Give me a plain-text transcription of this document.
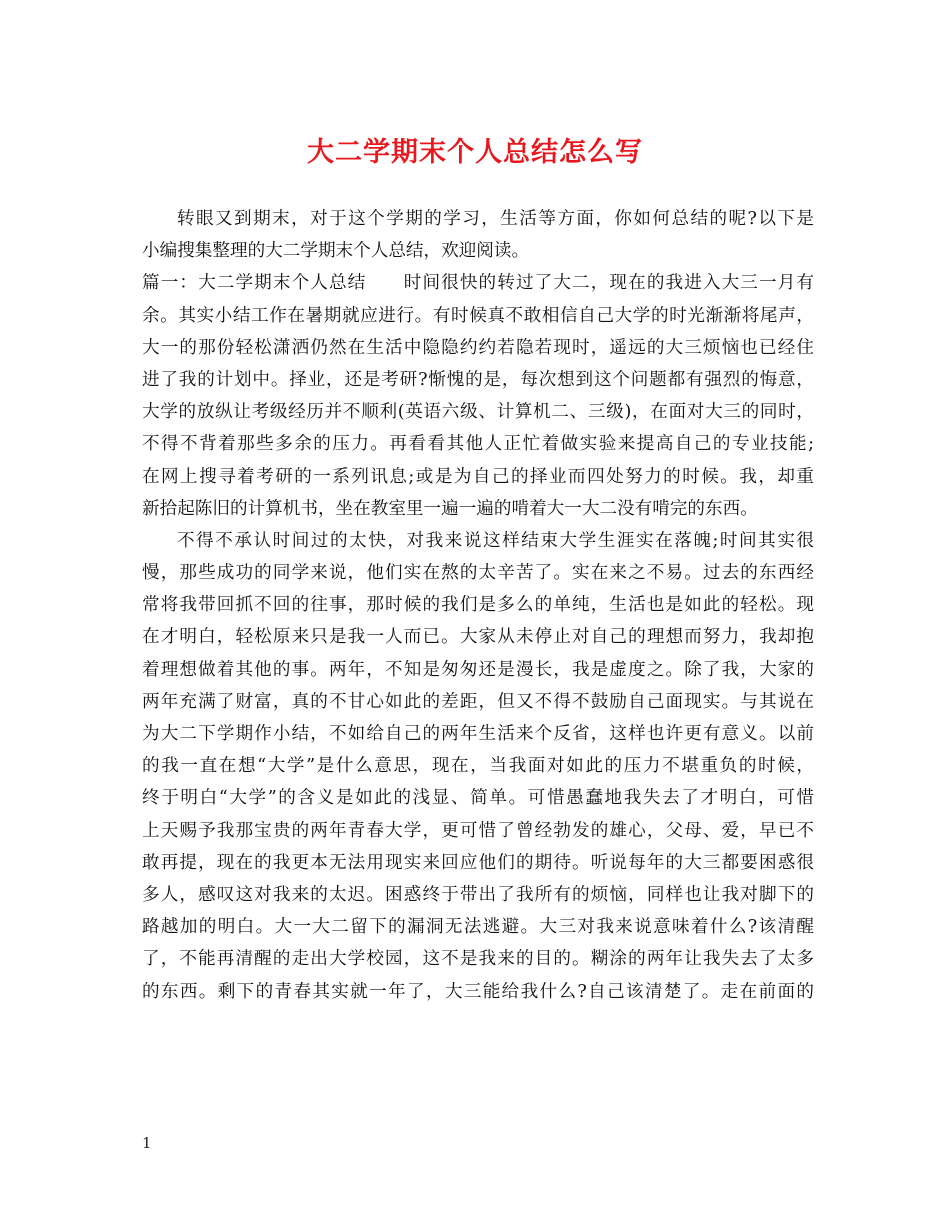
大二学期末个人总结怎么写
转眼又到期末，对于这个学期的学习，生活等方面，你如何总结的呢?以下是
小编搜集整理的大二学期末个人总结，欢迎阅读。
篇一：大二学期末个人总结　　时间很快的转过了大二，现在的我进入大三一月有
余。其实小结工作在暑期就应进行。有时候真不敢相信自己大学的时光渐渐将尾声，
大一的那份轻松潇洒仍然在生活中隐隐约约若隐若现时，遥远的大三烦恼也已经住
进了我的计划中。择业，还是考研?惭愧的是，每次想到这个问题都有强烈的悔意，
大学的放纵让考级经历并不顺利(英语六级、计算机二、三级)，在面对大三的同时，
不得不背着那些多余的压力。再看看其他人正忙着做实验来提高自己的专业技能;
在网上搜寻着考研的一系列讯息;或是为自己的择业而四处努力的时候。我，却重
新拾起陈旧的计算机书，坐在教室里一遍一遍的啃着大一大二没有啃完的东西。
不得不承认时间过的太快，对我来说这样结束大学生涯实在落魄;时间其实很
慢，那些成功的同学来说，他们实在熬的太辛苦了。实在来之不易。过去的东西经
常将我带回抓不回的往事，那时候的我们是多么的单纯，生活也是如此的轻松。现
在才明白，轻松原来只是我一人而已。大家从未停止对自己的理想而努力，我却抱
着理想做着其他的事。两年，不知是匆匆还是漫长，我是虚度之。除了我，大家的
两年充满了财富，真的不甘心如此的差距，但又不得不鼓励自己面现实。与其说在
为大二下学期作小结，不如给自己的两年生活来个反省，这样也许更有意义。以前
的我一直在想“大学”是什么意思，现在，当我面对如此的压力不堪重负的时候，
终于明白“大学”的含义是如此的浅显、简单。可惜愚蠢地我失去了才明白，可惜
上天赐予我那宝贵的两年青春大学，更可惜了曾经勃发的雄心，父母、爱，早已不
敢再提，现在的我更本无法用现实来回应他们的期待。听说每年的大三都要困惑很
多人，感叹这对我来的太迟。困惑终于带出了我所有的烦恼，同样也让我对脚下的
路越加的明白。大一大二留下的漏洞无法逃避。大三对我来说意味着什么?该清醒
了，不能再清醒的走出大学校园，这不是我来的目的。糊涂的两年让我失去了太多
的东西。剩下的青春其实就一年了，大三能给我什么?自己该清楚了。走在前面的
1
